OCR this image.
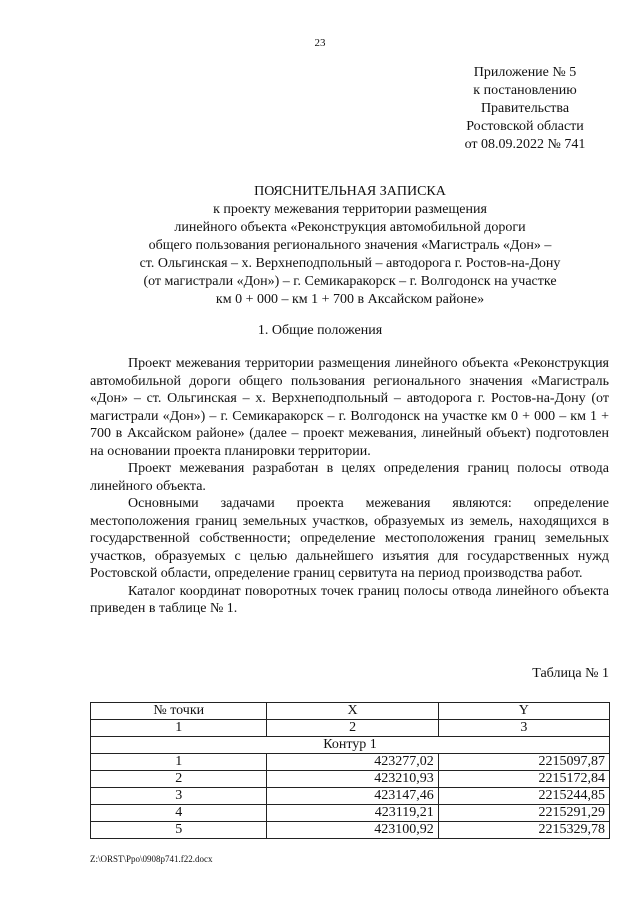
23
Приложение № 5
к постановлению
Правительства
Ростовской области
от 08.09.2022 № 741
ПОЯСНИТЕЛЬНАЯ ЗАПИСКА
к проекту межевания территории размещения
линейного объекта «Реконструкция автомобильной дороги
общего пользования регионального значения «Магистраль «Дон» –
ст. Ольгинская – х. Верхнеподпольный – автодорога г. Ростов-на-Дону
(от магистрали «Дон») – г. Семикаракорск – г. Волгодонск на участке
км 0 + 000 – км 1 + 700 в Аксайском районе»
1. Общие положения

Проект межевания территории размещения линейного объекта «Реконструкция автомобильной дороги общего пользования регионального значения «Магистраль «Дон» – ст. Ольгинская – х. Верхнеподпольный – автодорога г. Ростов-на-Дону (от магистрали «Дон») – г. Семикаракорск – г. Волгодонск на участке км 0 + 000 – км 1 + 700 в Аксайском районе» (далее – проект межевания, линейный объект) подготовлен на основании проекта планировки территории.

Проект межевания разработан в целях определения границ полосы отвода линейного объекта.

Основными задачами проекта межевания являются: определение местоположения границ земельных участков, образуемых из земель, находящихся в государственной собственности; определение местоположения границ земельных участков, образуемых с целью дальнейшего изъятия для государственных нужд Ростовской области, определение границ сервитута на период производства работ.

Каталог координат поворотных точек границ полосы отвода линейного объекта приведен в таблице № 1.

Таблица № 1
№ точки	X	Y
1	2	3
Контур 1		
1	423277,02	2215097,87
2	423210,93	2215172,84
3	423147,46	2215244,85
4	423119,21	2215291,29
5	423100,92	2215329,78
Z:\ORST\Ppo\0908p741.f22.docx
